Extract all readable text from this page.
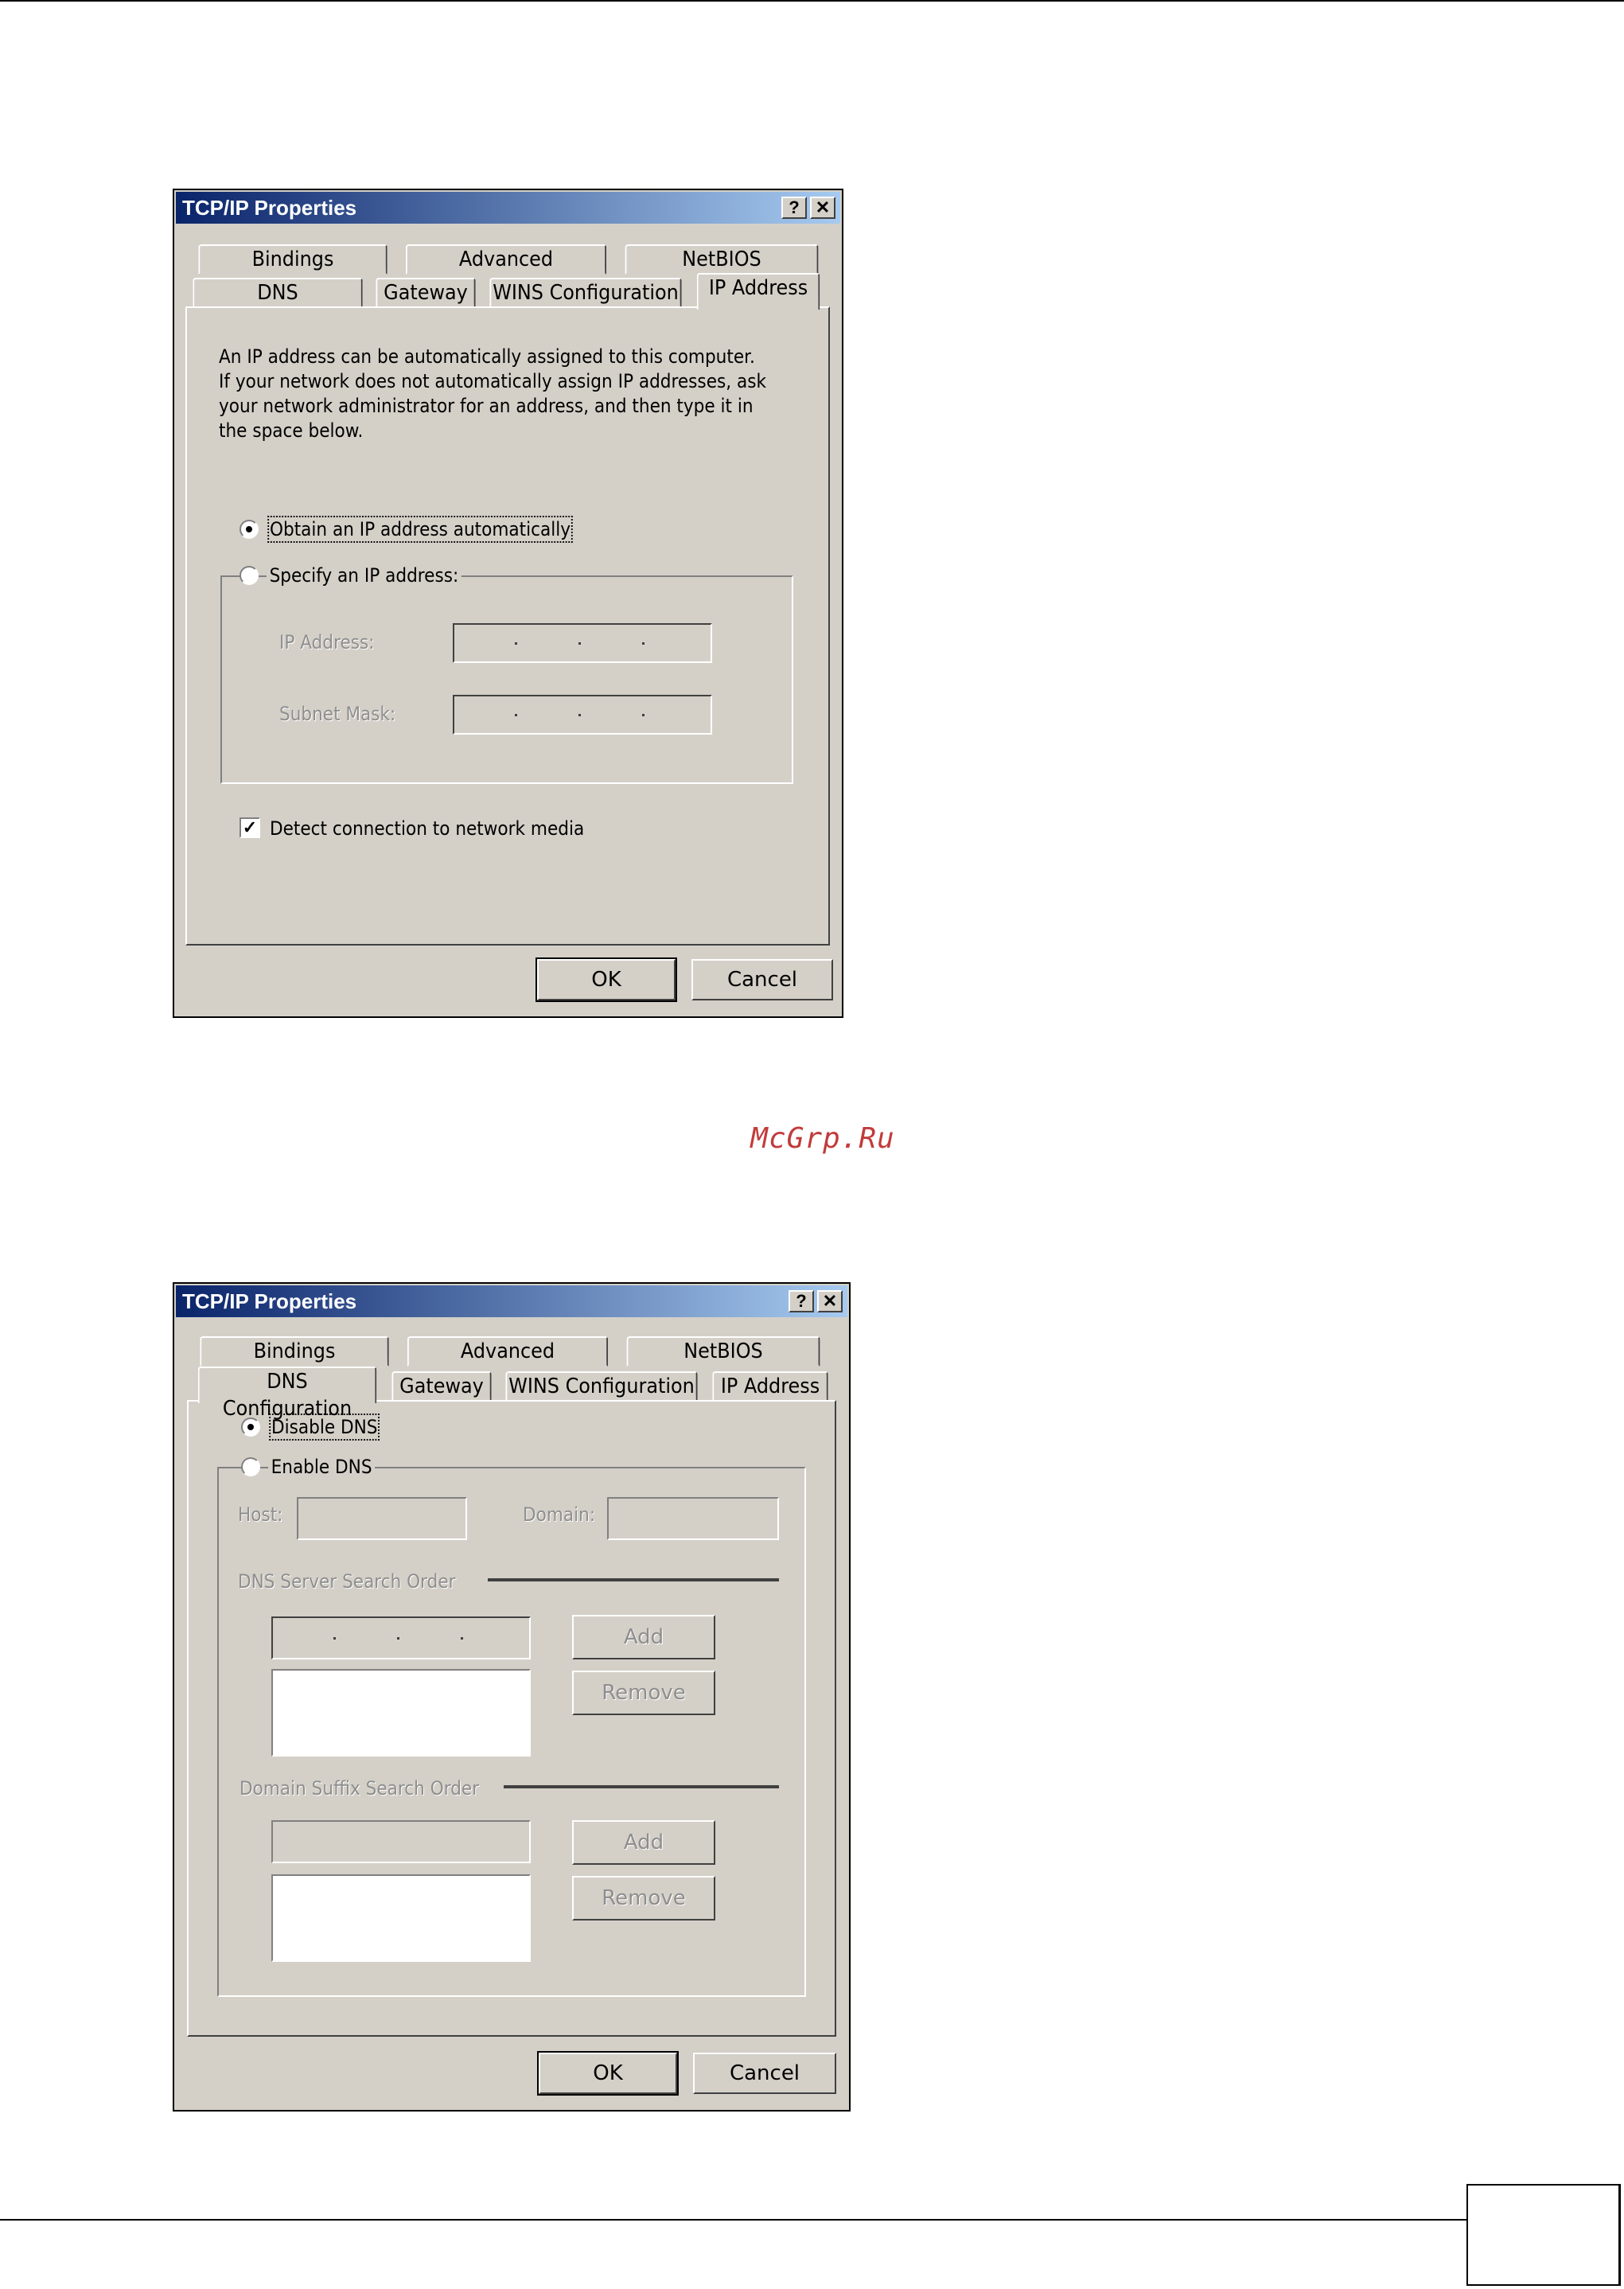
TCP/IP Properties	? ✕
Bindings	Advanced	NetBIOS
DNS	Gateway	WINS Configuration	IP Address
An IP address can be automatically assigned to this computer.
If your network does not automatically assign IP addresses, ask
your network administrator for an address, and then type it in
the space below.
Obtain an IP address automatically
Specify an IP address:
IP Address:
Subnet Mask:
✓ Detect connection to network media
OK	Cancel
McGrp.Ru
TCP/IP Properties	? ✕
Bindings	Advanced	NetBIOS
DNS Configuration
Gateway	WINS Configuration	IP Address
Disable DNS
Enable DNS
Host:	Domain:
DNS Server Search Order
Add
Remove
Domain Suffix Search Order
Add
Remove
OK	Cancel
